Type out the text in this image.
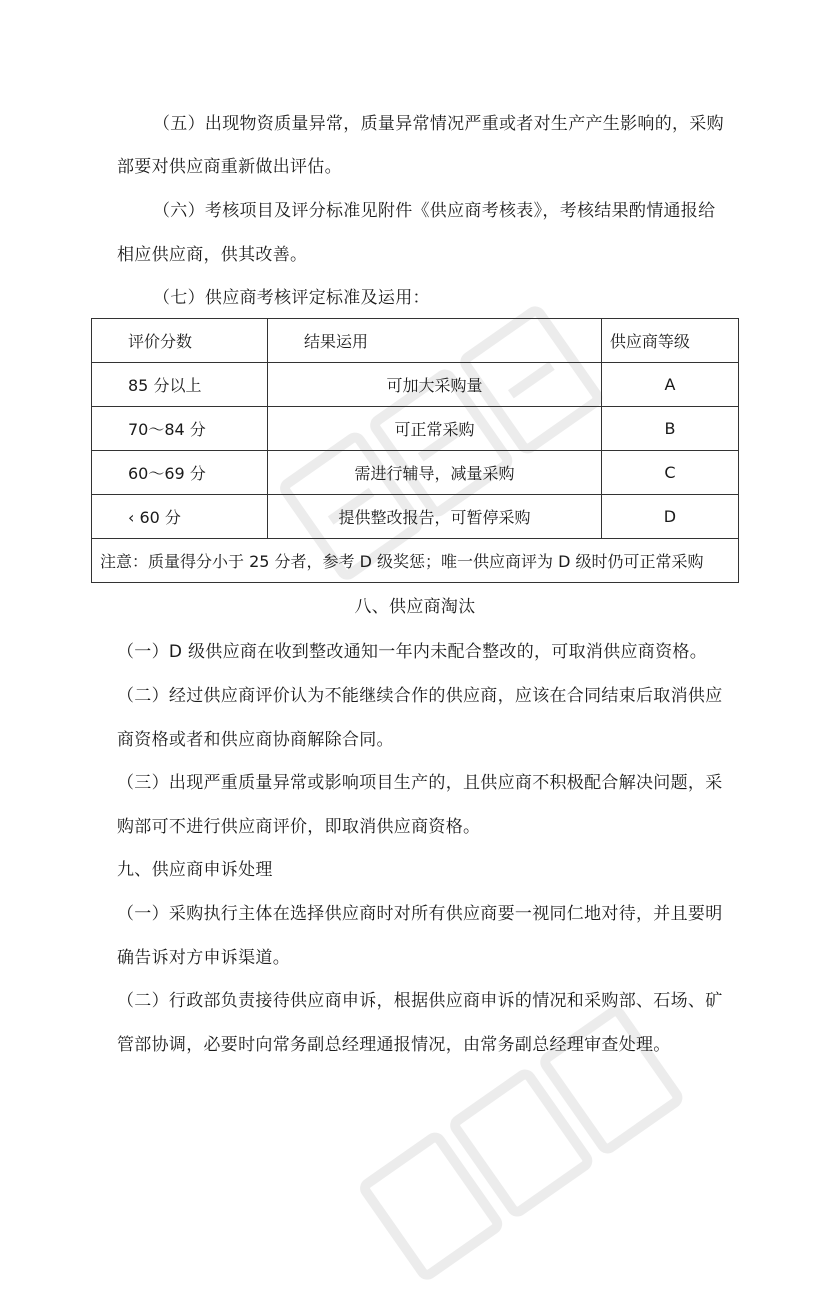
（五）出现物资质量异常，质量异常情况严重或者对生产产生影响的，采购
部要对供应商重新做出评估。
（六）考核项目及评分标准见附件《供应商考核表》，考核结果酌情通报给
相应供应商，供其改善。
（七）供应商考核评定标准及运用：
评价分数	结果运用	供应商等级
85 分以上	可加大采购量	A
70～84 分	可正常采购	B
60～69 分	需进行辅导，减量采购	C
‹ 60 分	提供整改报告，可暂停采购	D
注意：质量得分小于 25 分者，参考 D 级奖惩；唯一供应商评为 D 级时仍可正常采购		
八、供应商淘汰
（一）D 级供应商在收到整改通知一年内未配合整改的，可取消供应商资格。
（二）经过供应商评价认为不能继续合作的供应商，应该在合同结束后取消供应
商资格或者和供应商协商解除合同。
（三）出现严重质量异常或影响项目生产的，且供应商不积极配合解决问题，采
购部可不进行供应商评价，即取消供应商资格。
九、供应商申诉处理
（一）采购执行主体在选择供应商时对所有供应商要一视同仁地对待，并且要明
确告诉对方申诉渠道。
（二）行政部负责接待供应商申诉，根据供应商申诉的情况和采购部、石场、矿
管部协调，必要时向常务副总经理通报情况，由常务副总经理审查处理。
